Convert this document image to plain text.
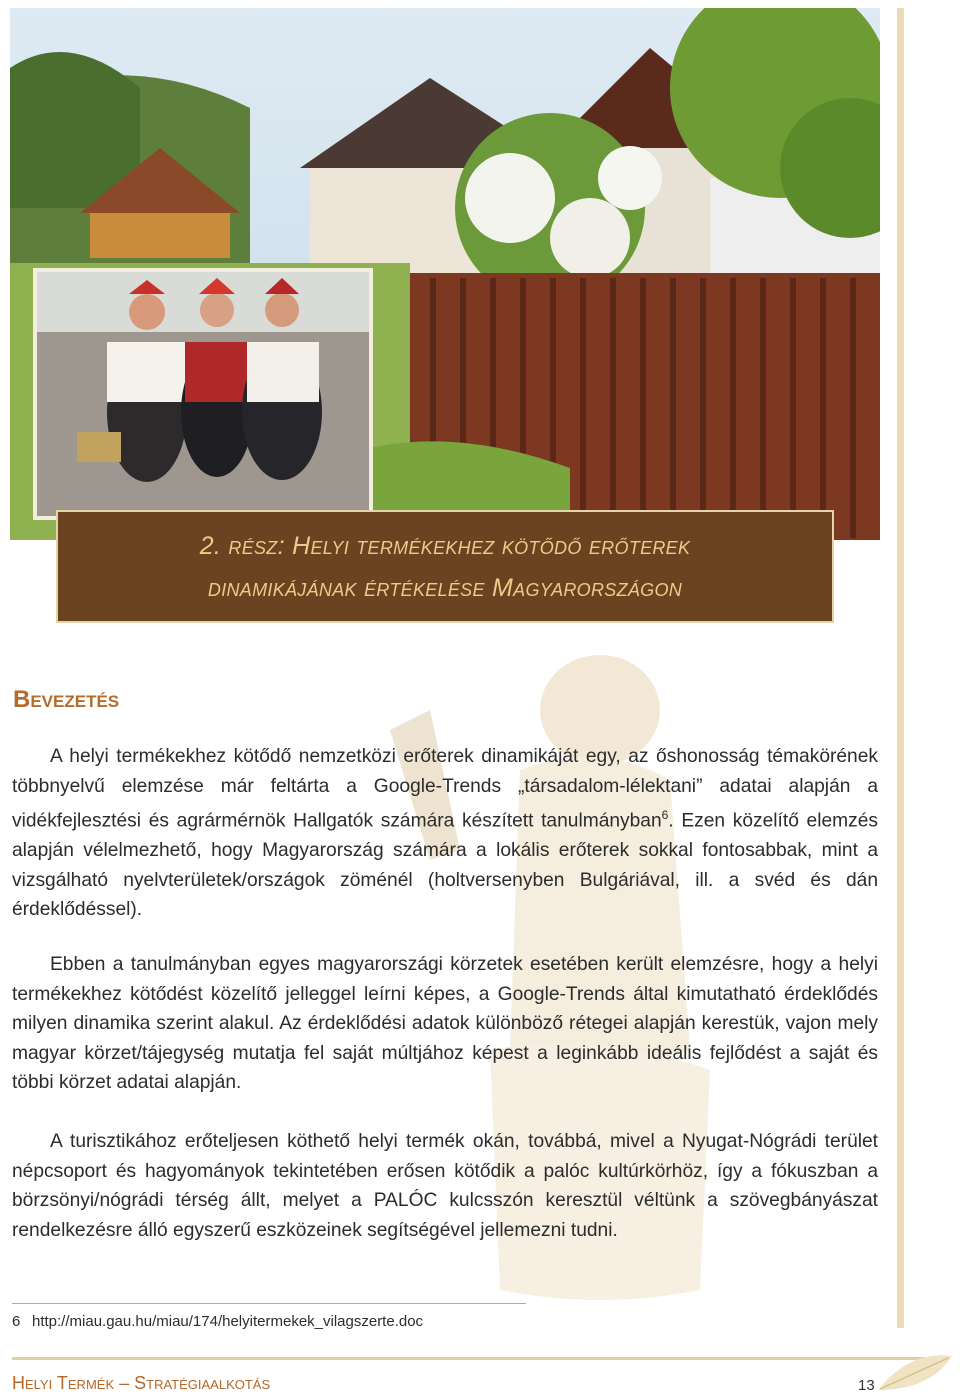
2. rész: Helyi termékekhez kötődő erőterek
dinamikájának értékelése Magyarországon
Bevezetés

A helyi termékekhez kötődő nemzetközi erőterek dinamikáját egy, az őshonosság témakörének többnyelvű elemzése már feltárta a Google-Trends „társadalom-lélektani” adatai alapján a vidékfejlesztési és agrármérnök Hallgatók számára készített tanulmányban$^6$. Ezen közelítő elemzés alapján vélelmezhető, hogy Magyarország számára a lokális erőterek sokkal fontosabbak, mint a vizsgálható nyelvterületek/országok zöménél (holtversenyben Bulgáriával, ill. a svéd és dán érdeklődéssel).

Ebben a tanulmányban egyes magyarországi körzetek esetében került elemzésre, hogy a helyi termékekhez kötődést közelítő jelleggel leírni képes, a Google-Trends által kimutatható érdeklődés milyen dinamika szerint alakul. Az érdeklődési adatok különböző rétegei alapján kerestük, vajon mely magyar körzet/tájegység mutatja fel saját múltjához képest a leginkább ideális fejlődést a saját és többi körzet adatai alapján.

A turisztikához erőteljesen köthető helyi termék okán, továbbá, mivel a Nyugat-Nógrádi terület népcsoport és hagyományok tekintetében erősen kötődik a palóc kultúrkörhöz, így a fókuszban a börzsönyi/nógrádi térség állt, melyet a PALÓC kulcsszón keresztül véltünk a szövegbányászat rendelkezésre álló egyszerű eszközeinek segítségével jellemezni tudni.

6 http://miau.gau.hu/miau/174/helyitermekek_vilagszerte.doc
Helyi Termék – Stratégiaalkotás	13
